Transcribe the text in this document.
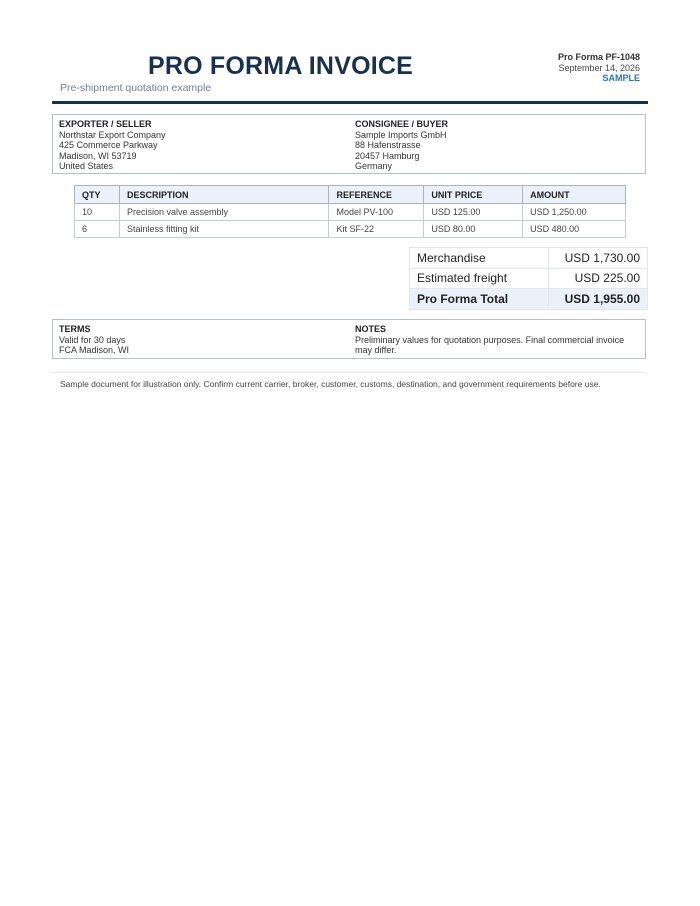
PRO FORMA INVOICE
Pre-shipment quotation example
Pro Forma PF-1048
September 14, 2026
SAMPLE
EXPORTER / SELLER
Northstar Export Company
425 Commerce Parkway
Madison, WI 53719
United States
CONSIGNEE / BUYER
Sample Imports GmbH
88 Hafenstrasse
20457 Hamburg
Germany
QTY	DESCRIPTION	REFERENCE	UNIT PRICE	AMOUNT
10	Precision valve assembly	Model PV-100	USD 125.00	USD 1,250.00
6	Stainless fitting kit	Kit SF-22	USD 80.00	USD 480.00
Merchandise	USD 1,730.00
Estimated freight	USD 225.00
Pro Forma Total	USD 1,955.00
TERMS
Valid for 30 days
FCA Madison, WI
NOTES
Preliminary values for quotation purposes. Final commercial invoice may differ.
Sample document for illustration only. Confirm current carrier, broker, customer, customs, destination, and government requirements before use.
